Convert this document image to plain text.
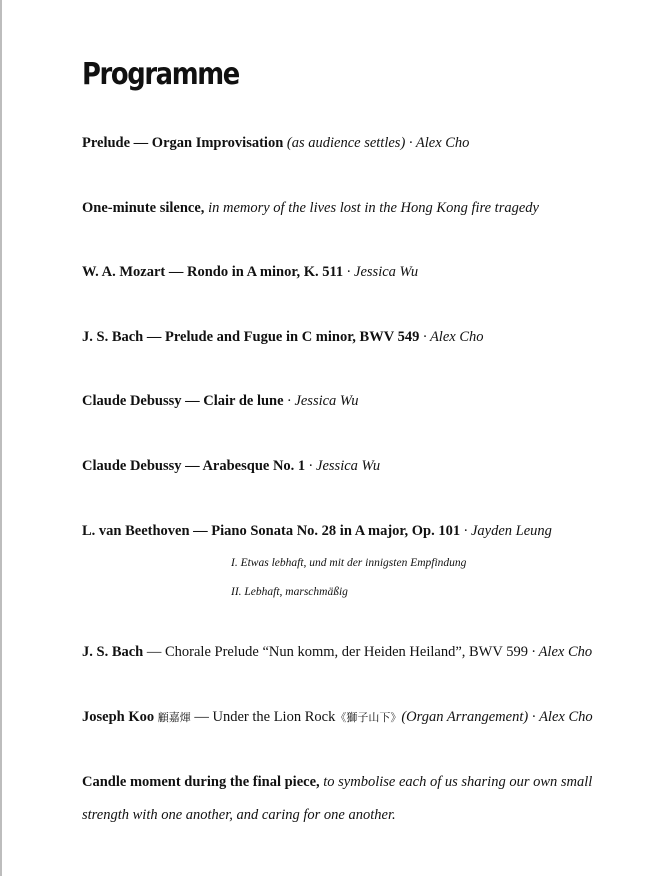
Programme
Prelude — Organ Improvisation (as audience settles) · Alex Cho
One-minute silence, in memory of the lives lost in the Hong Kong fire tragedy
W. A. Mozart — Rondo in A minor, K. 511 · Jessica Wu
J. S. Bach — Prelude and Fugue in C minor, BWV 549 · Alex Cho
Claude Debussy — Clair de lune · Jessica Wu
Claude Debussy — Arabesque No. 1 · Jessica Wu
L. van Beethoven — Piano Sonata No. 28 in A major, Op. 101 · Jayden Leung
I. Etwas lebhaft, und mit der innigsten Empfindung
II. Lebhaft, marschmäßig
J. S. Bach — Chorale Prelude “Nun komm, der Heiden Heiland”, BWV 599 · Alex Cho
Joseph Koo 顧嘉煇 — Under the Lion Rock《獅子山下》(Organ Arrangement) · Alex Cho
Candle moment during the final piece, to symbolise each of us sharing our own small strength with one another, and caring for one another.
